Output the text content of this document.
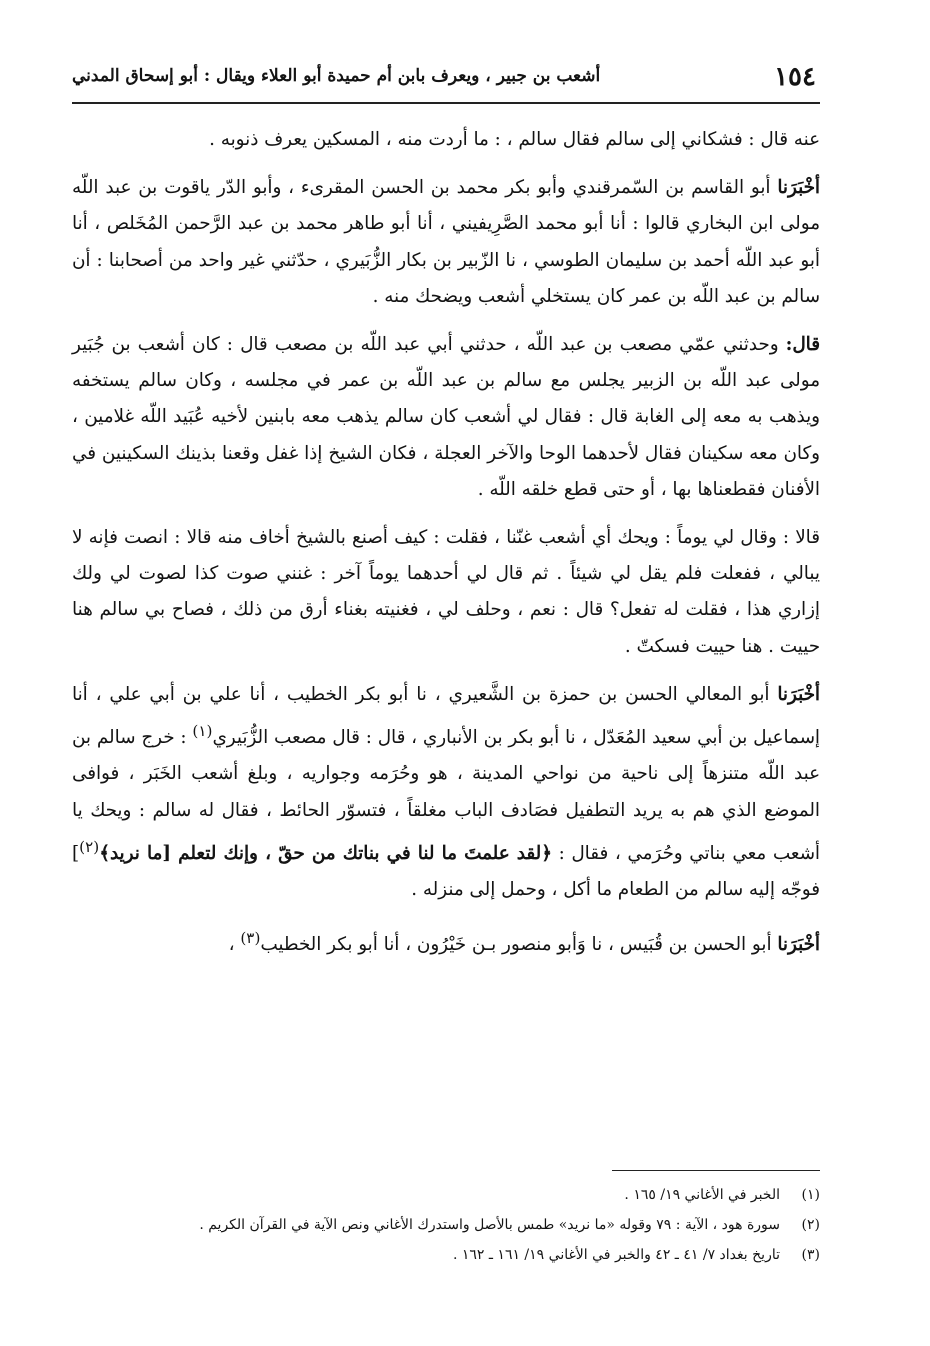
١٥٤
أشعب بن جبير ، ويعرف بابن أم حميدة أبو العلاء ويقال : أبو إسحاق المدني

عنه قال : فشكاني إلى سالم فقال سالم ، : ما أردت منه ، المسكين يعرف ذنوبه .

أخْبَرَنا أبو القاسم بن السّمرقندي وأبو بكر محمد بن الحسن المقرىء ، وأبو الدّر ياقوت بن عبد اللّه مولى ابن البخاري قالوا : أنا أبو محمد الصَّرِيفيني ، أنا أبو طاهر محمد بن عبد الرَّحمن المُخَلص ، أنا أبو عبد اللّه أحمد بن سليمان الطوسي ، نا الزّبير بن بكار الزُّبَيري ، حدّثني غير واحد من أصحابنا : أن سالم بن عبد اللّه بن عمر كان يستخلي أشعب ويضحك منه .

قال: وحدثني عمّي مصعب بن عبد اللّه ، حدثني أبي عبد اللّه بن مصعب قال : كان أشعب بن جُبَير مولى عبد اللّه بن الزبير يجلس مع سالم بن عبد اللّه بن عمر في مجلسه ، وكان سالم يستخفه ويذهب به معه إلى الغابة قال : فقال لي أشعب كان سالم يذهب معه بابنين لأخيه عُبَيد اللّه غلامين ، وكان معه سكينان فقال لأحدهما الوحا والآخر العجلة ، فكان الشيخ إذا غفل وقعنا بذينك السكينين في الأفنان فقطعناها بها ، أو حتى قطع خلقه اللّه .

قالا : وقال لي يوماً : ويحك أي أشعب غنّنا ، فقلت : كيف أصنع بالشيخ أخاف منه قالا : انصت فإنه لا يبالي ، ففعلت فلم يقل لي شيئاً . ثم قال لي أحدهما يوماً آخر : غنني صوت كذا لصوت لي ولك إزاري هذا ، فقلت له تفعل؟ قال : نعم ، وحلف لي ، فغنيته بغناء أرق من ذلك ، فصاح بي سالم هنا حييت . هنا حييت فسكتّ .

أخْبَرَنا أبو المعالي الحسن بن حمزة بن الشَّعيري ، نا أبو بكر الخطيب ، أنا علي بن أبي علي ، أنا إسماعيل بن أبي سعيد المُعَدّل ، نا أبو بكر بن الأنباري ، قال : قال مصعب الزُّبَيري$^{(١)}$ : خرج سالم بن عبد اللّه متنزهاً إلى ناحية من نواحي المدينة ، هو وحُرَمه وجواريه ، وبلغ أشعب الخَبَر ، فوافى الموضع الذي هم به يريد التطفيل فصَادف الباب مغلقاً ، فتسوّر الحائط ، فقال له سالم : ويحك يا أشعب معي بناتي وحُرَمي ، فقال : ﴿لقد علمتَ ما لنا في بناتك من حقّ ، وإنك لتعلم [ما نريد﴾$^{(٢)}$] فوجّه إليه سالم من الطعام ما أكل ، وحمل إلى منزله .

أخْبَرَنا أبو الحسن بن قُبَيس ، نا وَأبو منصور بـن خَيْرُون ، أنا أبو بكر الخطيب$^{(٣)}$ ،

(١)الخبر في الأغاني ١٩/ ١٦٥ .
(٢)سورة هود ، الآية : ٧٩ وقوله «ما نريد» طمس بالأصل واستدرك الأغاني ونص الآية في القرآن الكريم .
(٣)تاريخ بغداد ٧/ ٤١ ـ ٤٢ والخبر في الأغاني ١٩/ ١٦١ ـ ١٦٢ .
